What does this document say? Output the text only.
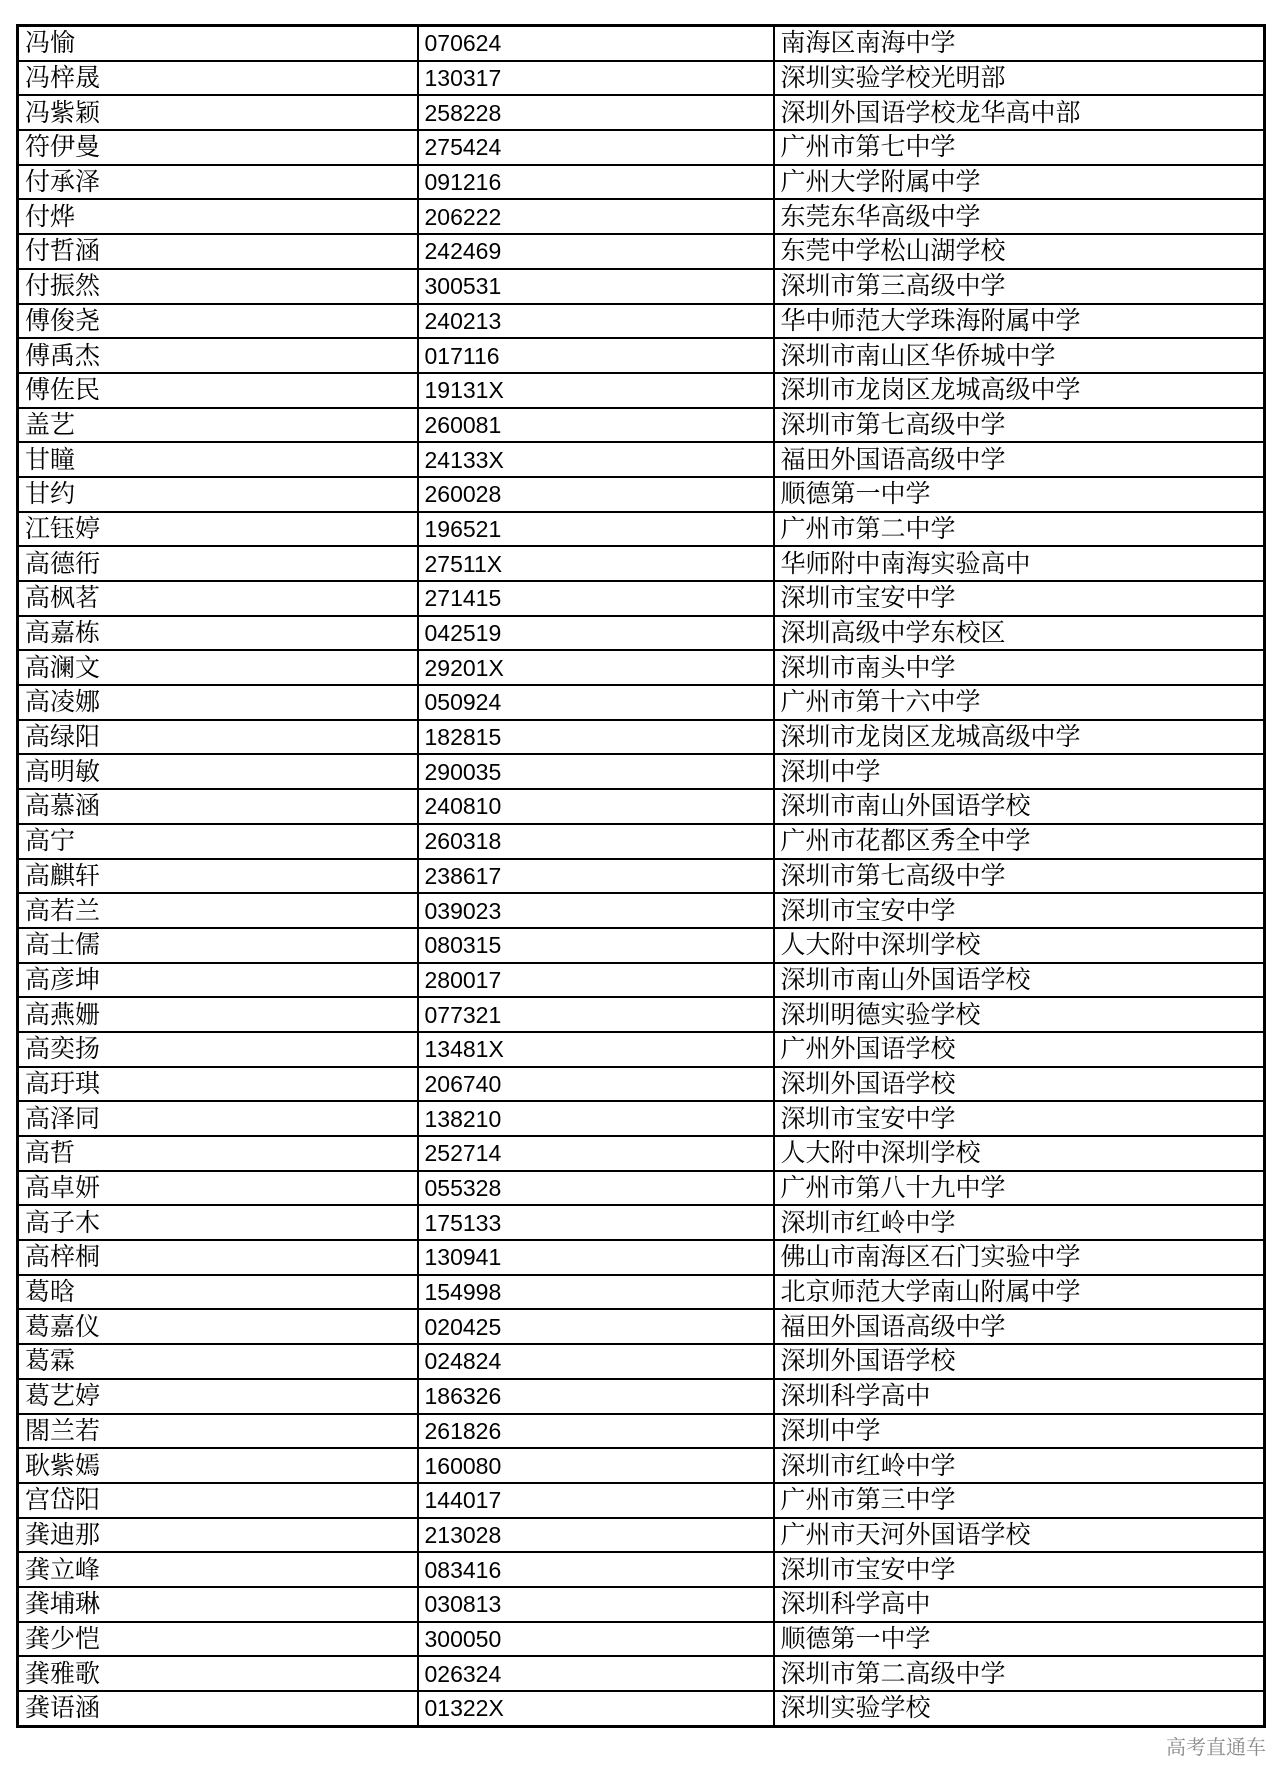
冯愉	070624	南海区南海中学
冯梓晟	130317	深圳实验学校光明部
冯紫颖	258228	深圳外国语学校龙华高中部
符伊曼	275424	广州市第七中学
付承泽	091216	广州大学附属中学
付烨	206222	东莞东华高级中学
付哲涵	242469	东莞中学松山湖学校
付振然	300531	深圳市第三高级中学
傅俊尧	240213	华中师范大学珠海附属中学
傅禹杰	017116	深圳市南山区华侨城中学
傅佐民	19131X	深圳市龙岗区龙城高级中学
盖艺	260081	深圳市第七高级中学
甘瞳	24133X	福田外国语高级中学
甘约	260028	顺德第一中学
江钰婷	196521	广州市第二中学
高德衎	27511X	华师附中南海实验高中
高枫茗	271415	深圳市宝安中学
高嘉栋	042519	深圳高级中学东校区
高澜文	29201X	深圳市南头中学
高凌娜	050924	广州市第十六中学
高绿阳	182815	深圳市龙岗区龙城高级中学
高明敏	290035	深圳中学
高慕涵	240810	深圳市南山外国语学校
高宁	260318	广州市花都区秀全中学
高麒轩	238617	深圳市第七高级中学
高若兰	039023	深圳市宝安中学
高士儒	080315	人大附中深圳学校
高彦坤	280017	深圳市南山外国语学校
高燕姗	077321	深圳明德实验学校
高奕扬	13481X	广州外国语学校
高玗琪	206740	深圳外国语学校
高泽同	138210	深圳市宝安中学
高哲	252714	人大附中深圳学校
高卓妍	055328	广州市第八十九中学
高子木	175133	深圳市红岭中学
高梓桐	130941	佛山市南海区石门实验中学
葛晗	154998	北京师范大学南山附属中学
葛嘉仪	020425	福田外国语高级中学
葛霖	024824	深圳外国语学校
葛艺婷	186326	深圳科学高中
閤兰若	261826	深圳中学
耿紫嫣	160080	深圳市红岭中学
宫岱阳	144017	广州市第三中学
龚迪那	213028	广州市天河外国语学校
龚立峰	083416	深圳市宝安中学
龚埔琳	030813	深圳科学高中
龚少恺	300050	顺德第一中学
龚雅歌	026324	深圳市第二高级中学
龚语涵	01322X	深圳实验学校
高考直通车
